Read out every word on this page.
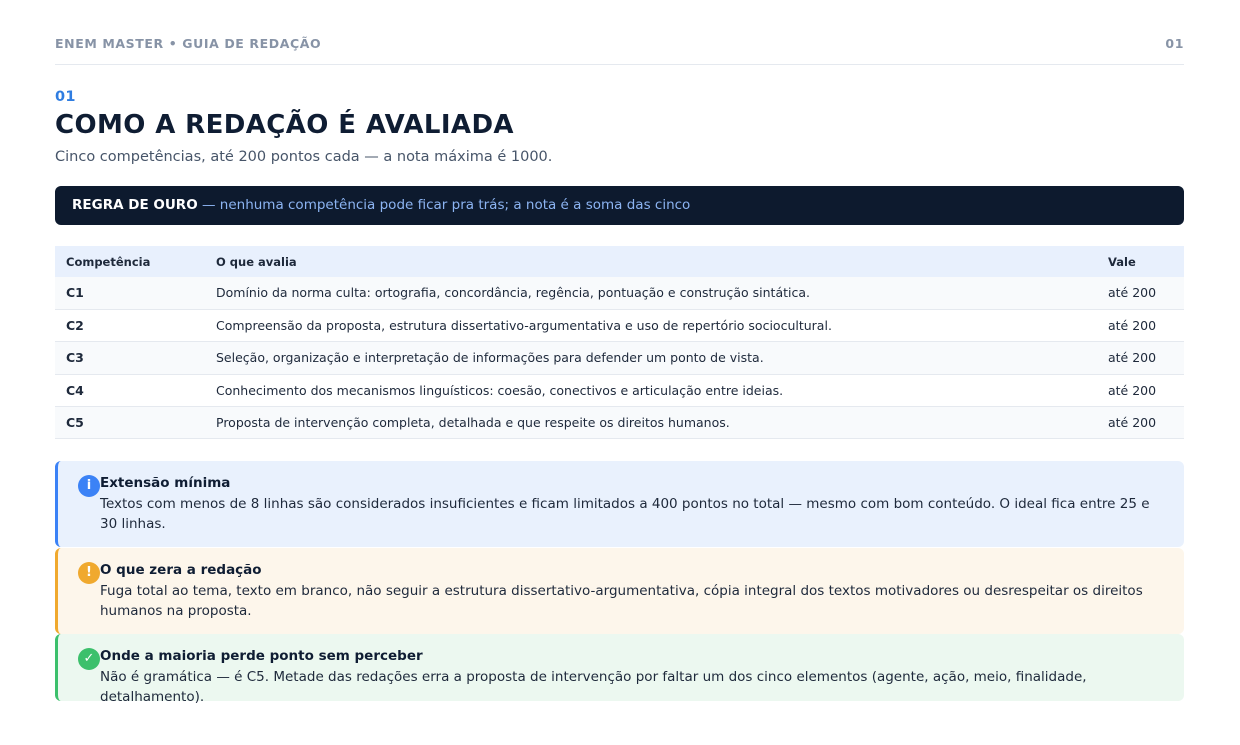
ENEM MASTER • GUIA DE REDAÇÃO	01
01
COMO A REDAÇÃO É AVALIADA

Cinco competências, até 200 pontos cada — a nota máxima é 1000.

REGRA DE OURO — nenhuma competência pode ficar pra trás; a nota é a soma das cinco
Competência	O que avalia	Vale
C1	Domínio da norma culta: ortografia, concordância, regência, pontuação e construção sintática.	até 200
C2	Compreensão da proposta, estrutura dissertativo-argumentativa e uso de repertório sociocultural.	até 200
C3	Seleção, organização e interpretação de informações para defender um ponto de vista.	até 200
C4	Conhecimento dos mecanismos linguísticos: coesão, conectivos e articulação entre ideias.	até 200
C5	Proposta de intervenção completa, detalhada e que respeite os direitos humanos.	até 200
i Extensão mínima
Textos com menos de 8 linhas são considerados insuficientes e ficam limitados a 400 pontos no total — mesmo com bom conteúdo. O ideal fica entre 25 e 30 linhas.
! O que zera a redação
Fuga total ao tema, texto em branco, não seguir a estrutura dissertativo-argumentativa, cópia integral dos textos motivadores ou desrespeitar os direitos humanos na proposta.
✓ Onde a maioria perde ponto sem perceber
Não é gramática — é C5. Metade das redações erra a proposta de intervenção por faltar um dos cinco elementos (agente, ação, meio, finalidade, detalhamento).
